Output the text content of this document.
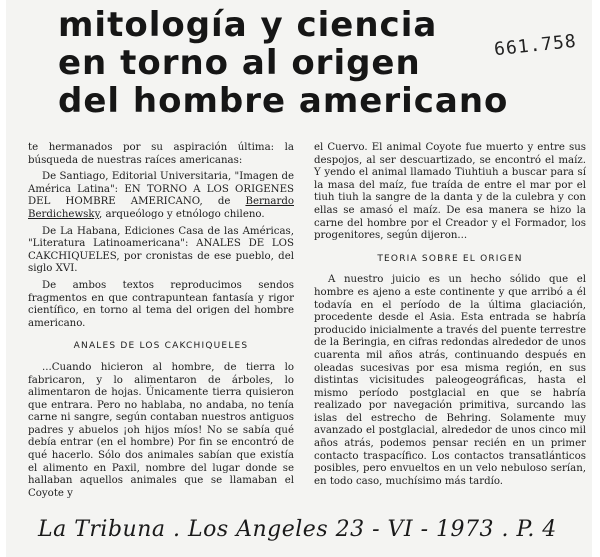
mitología y ciencia
en torno al origen
del hombre americano
661.758

te hermanados por su aspiración última: la búsqueda de nuestras raíces americanas:

De Santiago, Editorial Universitaria, "Imagen de América Latina": EN TORNO A LOS ORIGENES DEL HOMBRE AMERICANO, de Bernardo Berdichewsky, arqueólogo y etnólogo chileno.

De La Habana, Ediciones Casa de las Américas, "Literatura Latinoamericana": ANALES DE LOS CAKCHIQUELES, por cronistas de ese pueblo, del siglo XVI.

De ambos textos reproducimos sendos fragmentos en que contrapuntean fantasía y rigor científico, en torno al tema del origen del hombre americano.

ANALES DE LOS CAKCHIQUELES

...Cuando hicieron al hombre, de tierra lo fabricaron, y lo alimentaron de árboles, lo alimentaron de hojas. Únicamente tierra quisieron que entrara. Pero no hablaba, no andaba, no tenía carne ni sangre, según contaban nuestros antiguos padres y abuelos ¡oh hijos míos! No se sabía qué debía entrar (en el hombre) Por fin se encontró de qué hacerlo. Sólo dos animales sabían que existía el alimento en Paxil, nombre del lugar donde se hallaban aquellos animales que se llamaban el Coyote y

el Cuervo. El animal Coyote fue muerto y entre sus despojos, al ser descuartizado, se encontró el maíz. Y yendo el animal llamado Tiuhtiuh a buscar para sí la masa del maíz, fue traída de entre el mar por el tiuh tiuh la sangre de la danta y de la culebra y con ellas se amasó el maíz. De esa manera se hizo la carne del hombre por el Creador y el Formador, los progenitores, según dijeron...

TEORIA SOBRE EL ORIGEN

A nuestro juicio es un hecho sólido que el hombre es ajeno a este continente y que arribó a él todavía en el período de la última glaciación, procedente desde el Asia. Esta entrada se habría producido inicialmente a través del puente terrestre de la Beringia, en cifras redondas alrededor de unos cuarenta mil años atrás, continuando después en oleadas sucesivas por esa misma región, en sus distintas vicisitudes paleogeográficas, hasta el mismo período postglacial en que se habría realizado por navegación primitiva, surcando las islas del estrecho de Behring. Solamente muy avanzado el postglacial, alrededor de unos cinco mil años atrás, podemos pensar recién en un primer contacto traspacífico. Los contactos transatlánticos posibles, pero envueltos en un velo nebuloso serían, en todo caso, muchísimo más tardío.

La Tribuna . Los Angeles 23 - VI - 1973 . P. 4
